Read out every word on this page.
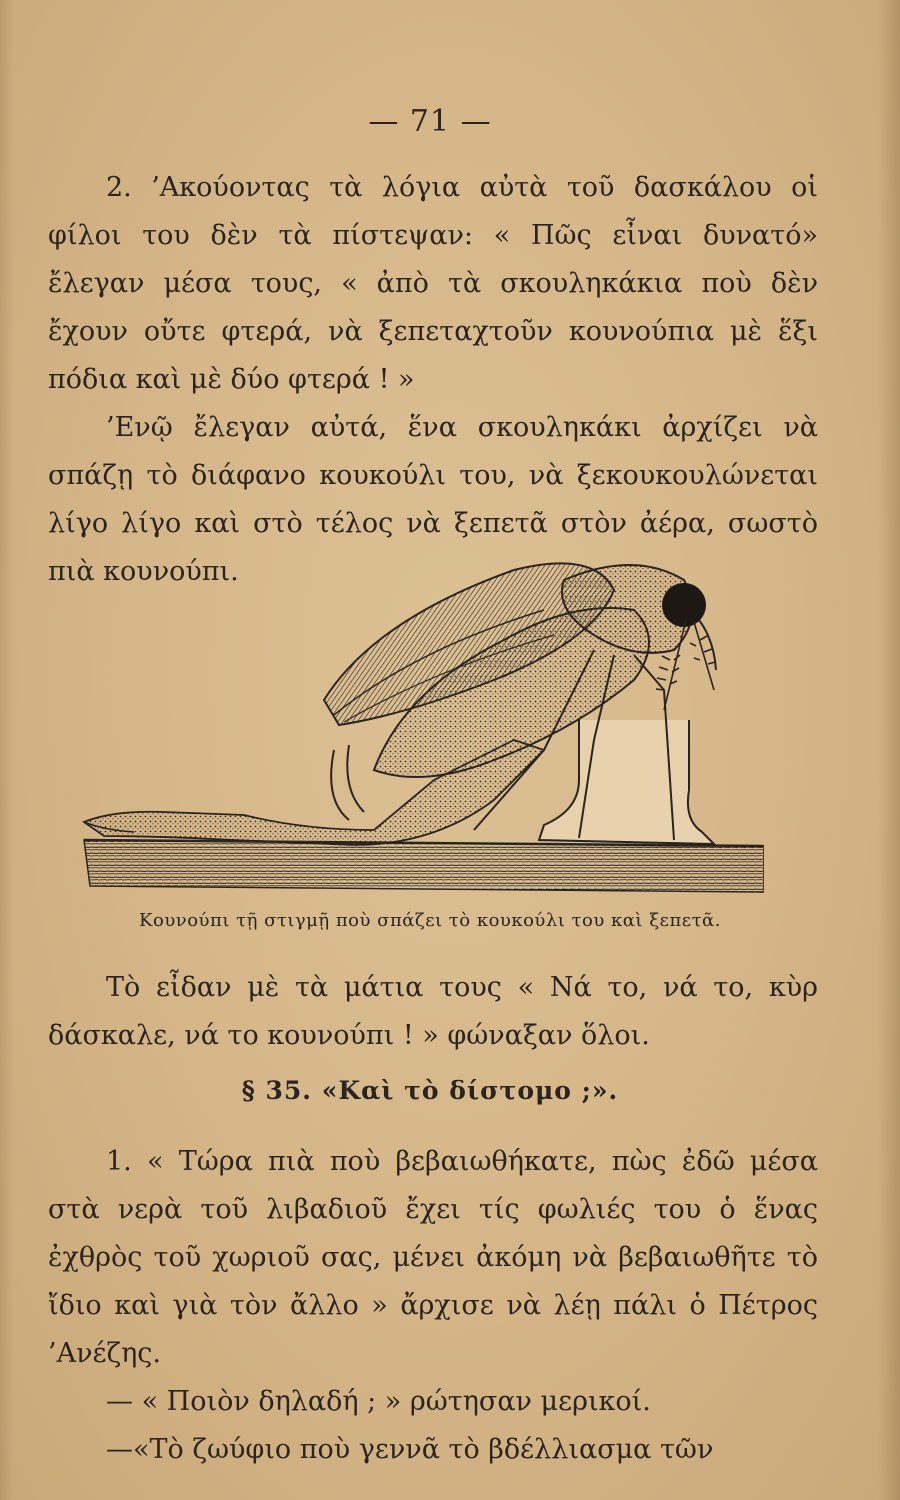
— 71 —

2. ’Ακούοντας τὰ λόγια αὐτὰ τοῦ δασκάλου οἱ φίλοι του δὲν τὰ πίστεψαν: « Πῶς εἶναι δυνατό» ἔλεγαν μέσα τους, « ἀπὸ τὰ σκουληκάκια ποὺ δὲν ἔχουν οὔτε φτερά, νὰ ξεπεταχτοῦν κουνούπια μὲ ἕξι πόδια καὶ μὲ δύο φτερά ! »

’Ενῷ ἔλεγαν αὐτά, ἕνα σκουληκάκι ἀρχίζει νὰ σπάζῃ τὸ διάφανο κουκούλι του, νὰ ξεκουκουλώνεται λίγο λίγο καὶ στὸ τέλος νὰ ξεπετᾶ στὸν ἀέρα, σωστὸ πιὰ κουνούπι.

Κουνούπι τῇ στιγμῇ ποὺ σπάζει τὸ κουκούλι του καὶ ξεπετᾶ.

Τὸ εἶδαν μὲ τὰ μάτια τους « Νά το, νά το, κὺρ δάσκαλε, νά το κουνούπι ! » φώναξαν ὅλοι.

§ 35. «Καὶ τὸ δίστομο ;».

1. « Τώρα πιὰ ποὺ βεβαιωθήκατε, πὼς ἐδῶ μέσα στὰ νερὰ τοῦ λιβαδιοῦ ἔχει τίς φωλιές του ὁ ἕνας ἐχθρὸς τοῦ χωριοῦ σας, μένει ἀκόμη νὰ βεβαιωθῆτε τὸ ἴδιο καὶ γιὰ τὸν ἄλλο » ἄρχισε νὰ λέῃ πάλι ὁ Πέτρος ’Ανέζης.

— « Ποιὸν δηλαδή ; » ρώτησαν μερικοί.

—«Τὸ ζωύφιο ποὺ γεννᾶ τὸ βδέλλιασμα τῶν
